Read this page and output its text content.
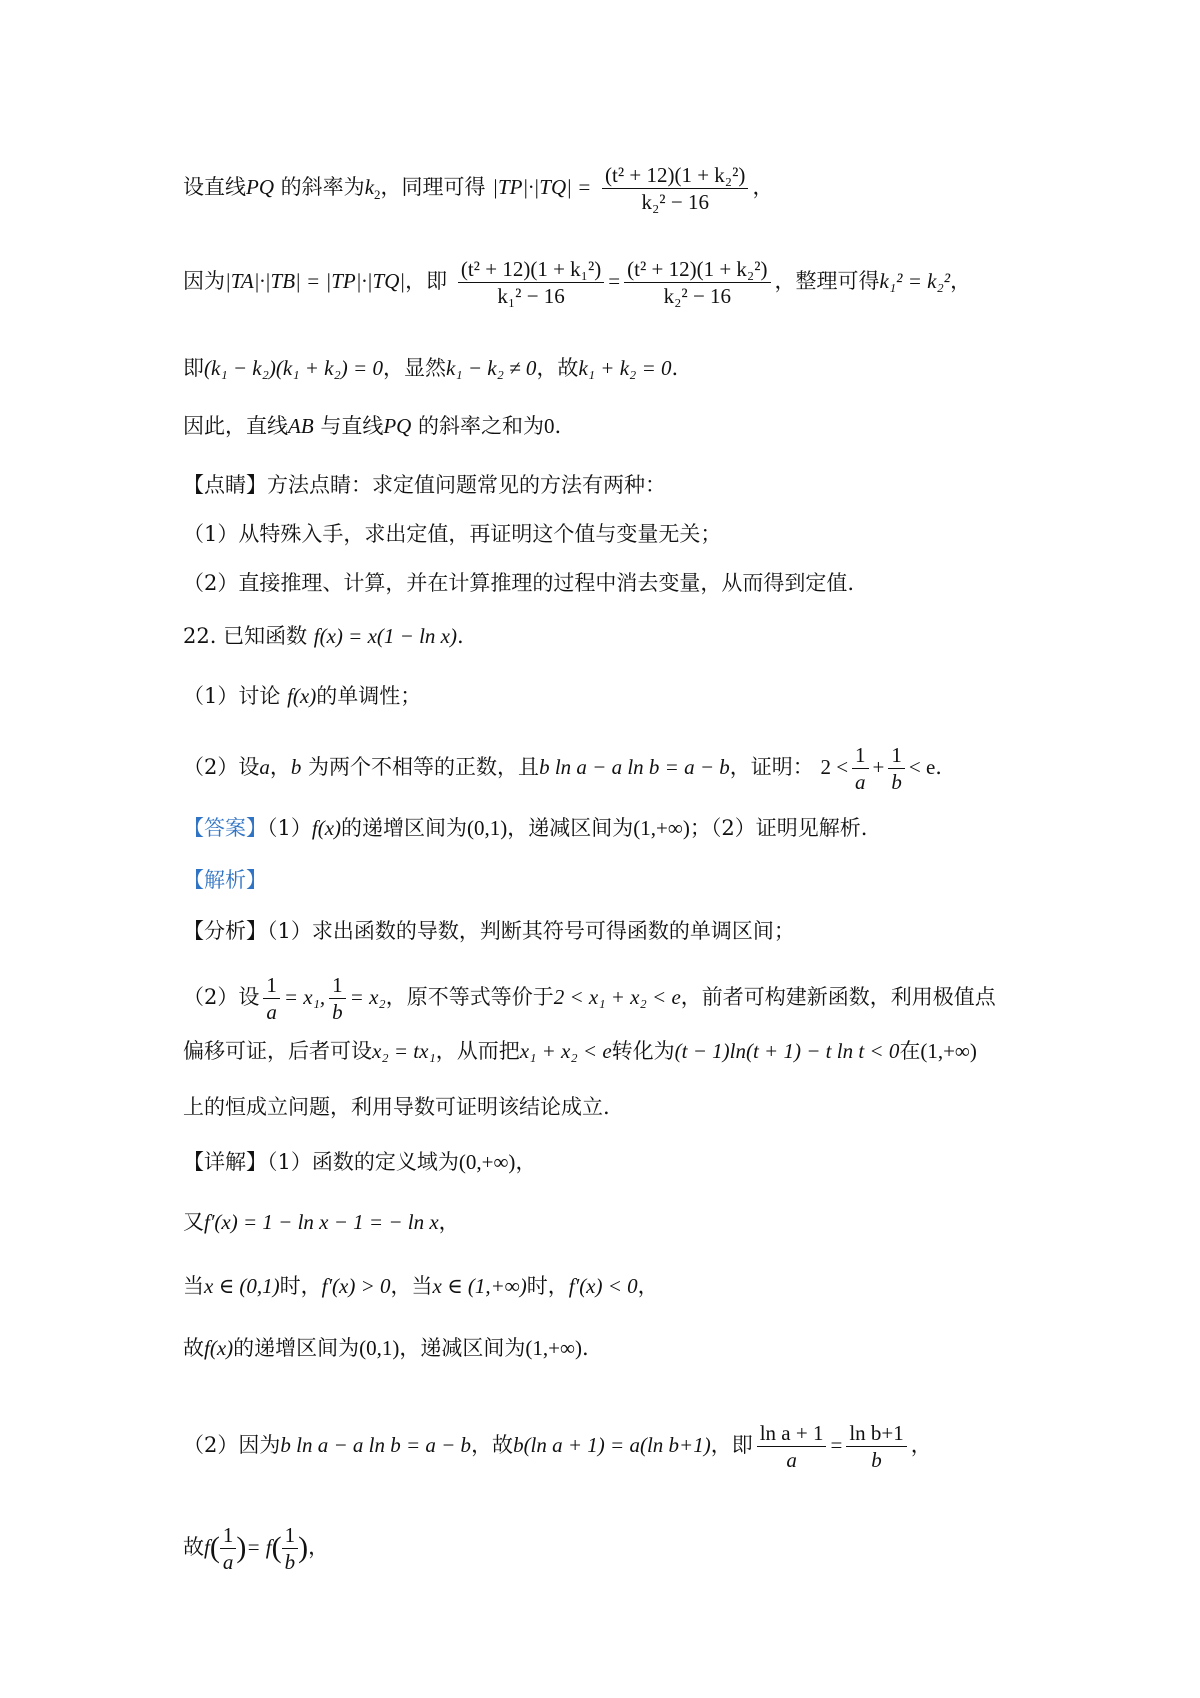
设直线PQ 的斜率为$k_2$，同理可得 $|TP|\cdot|TQ| = \frac{\text{(t² + 12)(1 + k₂²)}}{\text{k₂² − 16}}$ ，
因为|TA|·|TB| = |TP|·|TQ|，即 $\frac{\text{(t² + 12)(1 + k₁²)}}{\text{k₁² − 16}} = \frac{\text{(t² + 12)(1 + k₂²)}}{\text{k₂² − 16}}$ ，整理可得k₁² = k₂²，
即(k₁ − k₂)(k₁ + k₂) = 0，显然k₁ − k₂ ≠ 0，故k₁ + k₂ = 0.
因此，直线AB 与直线PQ 的斜率之和为0.
【点睛】方法点睛：求定值问题常见的方法有两种：
（1）从特殊入手，求出定值，再证明这个值与变量无关；
（2）直接推理、计算，并在计算推理的过程中消去变量，从而得到定值.
22. 已知函数 f(x) = x(1 − ln x).
（1）讨论 f(x)的单调性；
（2）设a，b 为两个不相等的正数，且b ln a − a ln b = a − b，证明： $2 < \frac{1}{a} + \frac{1}{b} < e$.
【答案】（1）f(x)的递增区间为(0,1)，递减区间为(1,+∞)；（2）证明见解析.
【解析】
【分析】（1）求出函数的导数，判断其符号可得函数的单调区间；
（2）设 $\frac{1}{a} = x_1$, $\frac{1}{b} = x_2$，原不等式等价于2 < x₁ + x₂ < e，前者可构建新函数，利用极值点
偏移可证，后者可设x₂ = tx₁，从而把x₁ + x₂ < e转化为(t − 1)ln(t + 1) − t ln t < 0在(1,+∞)
上的恒成立问题，利用导数可证明该结论成立.
【详解】（1）函数的定义域为(0,+∞)，
又f′(x) = 1 − ln x − 1 = − ln x，
当x ∈ (0,1)时，f′(x) > 0，当x ∈ (1,+∞)时，f′(x) < 0，
故f(x)的递增区间为(0,1)，递减区间为(1,+∞).
（2）因为b ln a − a ln b = a − b，故b(ln a + 1) = a(ln b+1)，即 $\frac{\text{ln a + 1}}{a} = \frac{\text{ln b+1}}{b}$ ，
故$f( \frac{1}{a}$ )= $f( \frac{1}{b}$ )，
